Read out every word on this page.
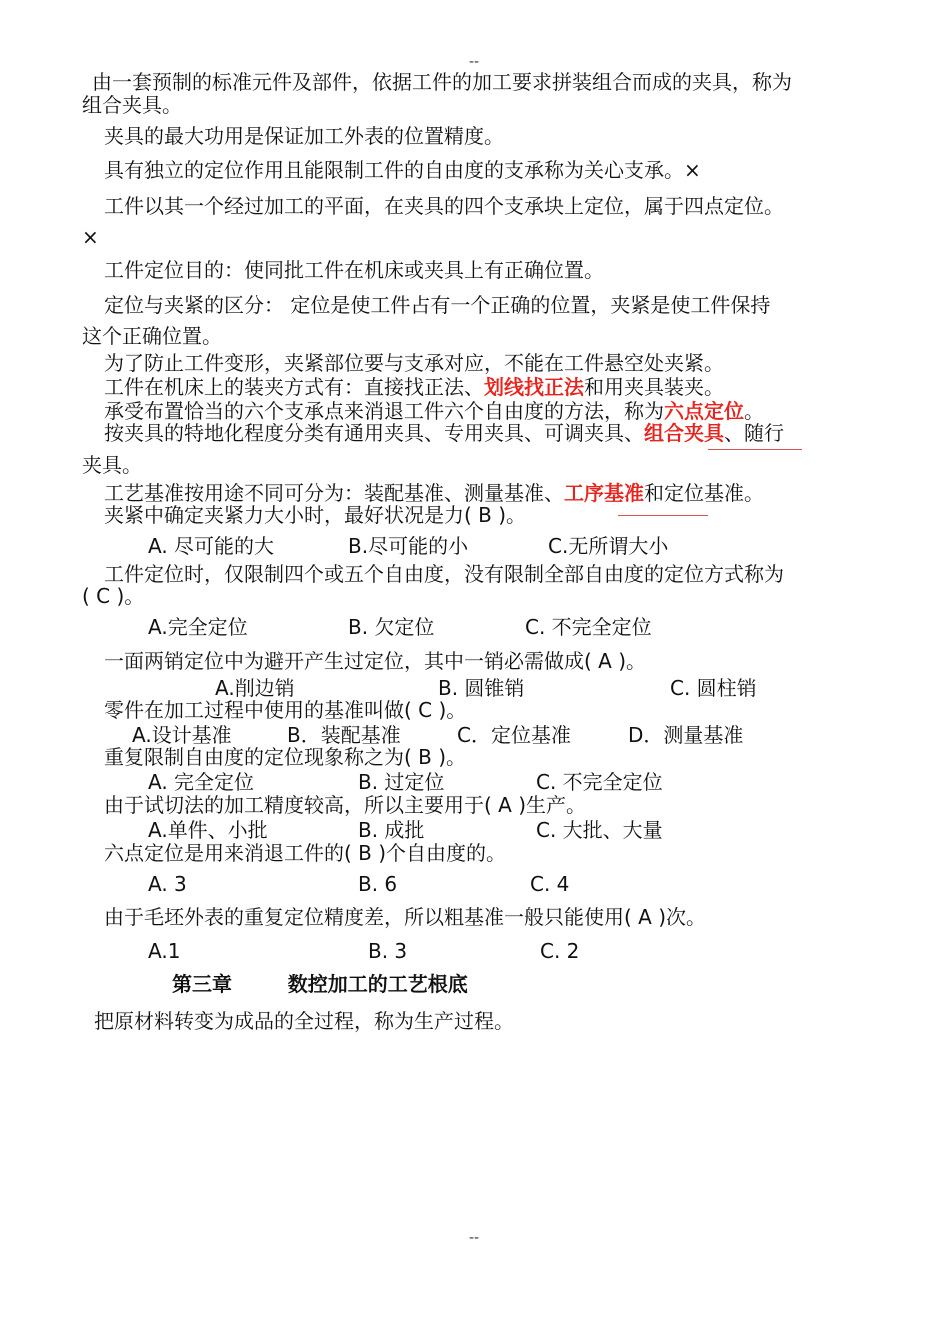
--
由一套预制的标准元件及部件，依据工件的加工要求拼装组合而成的夹具，称为
组合夹具。
夹具的最大功用是保证加工外表的位置精度。
具有独立的定位作用且能限制工件的自由度的支承称为关心支承。×
工件以其一个经过加工的平面，在夹具的四个支承块上定位，属于四点定位。
×
工件定位目的：使同批工件在机床或夹具上有正确位置。
定位与夹紧的区分： 定位是使工件占有一个正确的位置，夹紧是使工件保持
这个正确位置。
为了防止工件变形，夹紧部位要与支承对应，不能在工件悬空处夹紧。
工件在机床上的装夹方式有：直接找正法、划线找正法和用夹具装夹。
承受布置恰当的六个支承点来消退工件六个自由度的方法，称为六点定位。
按夹具的特地化程度分类有通用夹具、专用夹具、可调夹具、组合夹具、随行
夹具。
工艺基准按用途不同可分为：装配基准、测量基准、工序基准和定位基准。
夹紧中确定夹紧力大小时，最好状况是力( B )。
A. 尽可能的大	B.尽可能的小	C.无所谓大小
工件定位时，仅限制四个或五个自由度，没有限制全部自由度的定位方式称为
( C )。
A.完全定位	B. 欠定位	C. 不完全定位
一面两销定位中为避开产生过定位，其中一销必需做成( A )。
A.削边销	B. 圆锥销	C. 圆柱销
零件在加工过程中使用的基准叫做( C )。
A.设计基准	B．装配基准	C．定位基准	D．测量基准
重复限制自由度的定位现象称之为( B )。
A. 完全定位	B. 过定位	C. 不完全定位
由于试切法的加工精度较高，所以主要用于( A )生产。
A.单件、小批	B. 成批	C. 大批、大量
六点定位是用来消退工件的( B )个自由度的。
A. 3	B. 6	C. 4
由于毛坯外表的重复定位精度差，所以粗基准一般只能使用( A )次。
A.1	B. 3	C. 2
第三章        数控加工的工艺根底
把原材料转变为成品的全过程，称为生产过程。
--
